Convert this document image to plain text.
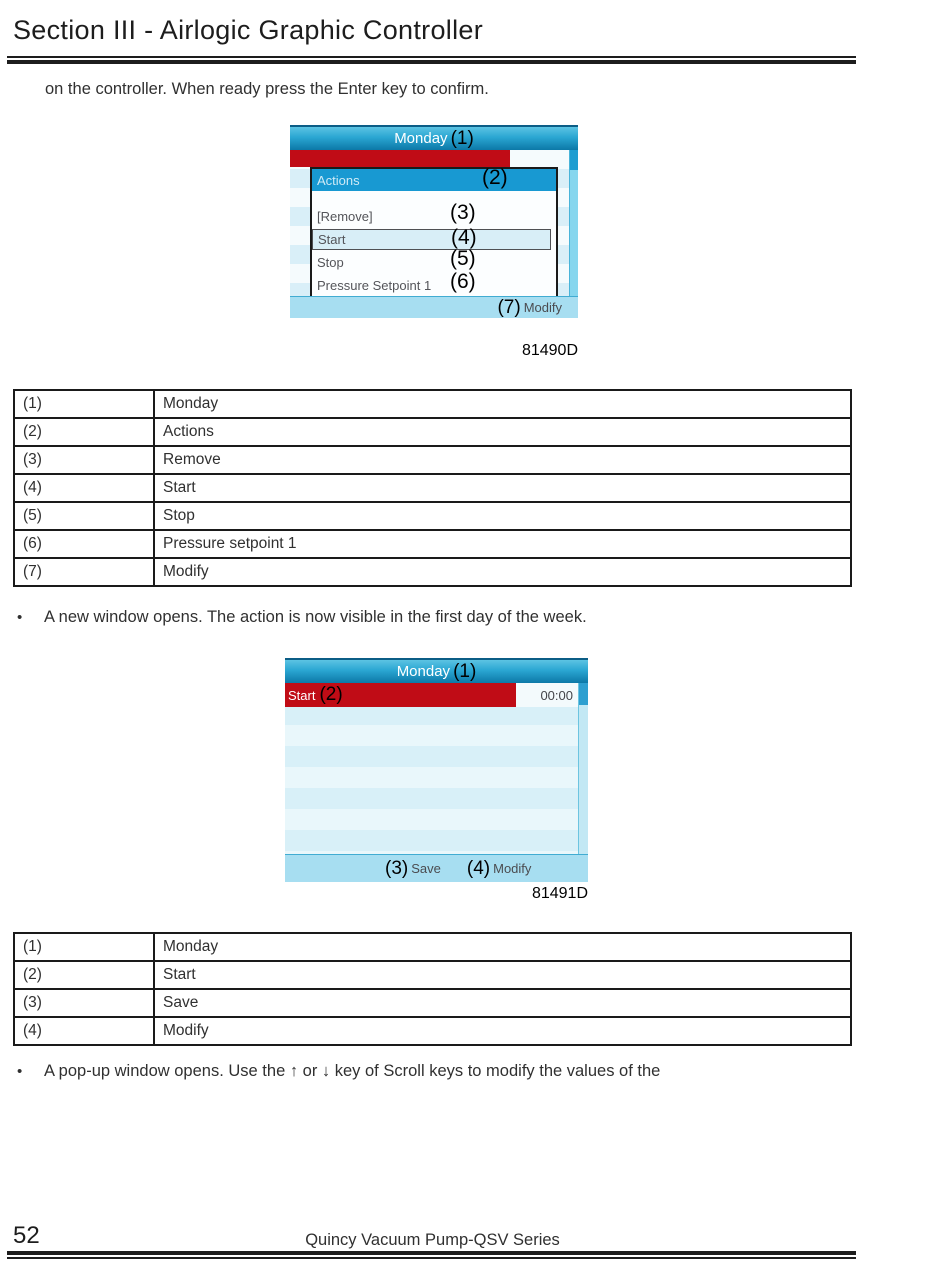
Section III - Airlogic Graphic Controller
on the controller. When ready press the Enter key to confirm.
Monday (1)
Actions	(2)
[Remove]	(3)
Start	(4)
Stop	(5)
Pressure Setpoint 1 (6)
(7) Modify
81490D
(1)	Monday
(2)	Actions
(3)	Remove
(4)	Start
(5)	Stop
(6)	Pressure setpoint 1
(7)	Modify
•	A new window opens. The action is now visible in the first day of the week.
Monday (1)
Start (2)	00:00
(3) Save (4) Modify
81491D
(1)	Monday
(2)	Start
(3)	Save
(4)	Modify
•	A pop-up window opens. Use the ↑ or ↓ key of Scroll keys to modify the values of the
52	Quincy Vacuum Pump-QSV Series
